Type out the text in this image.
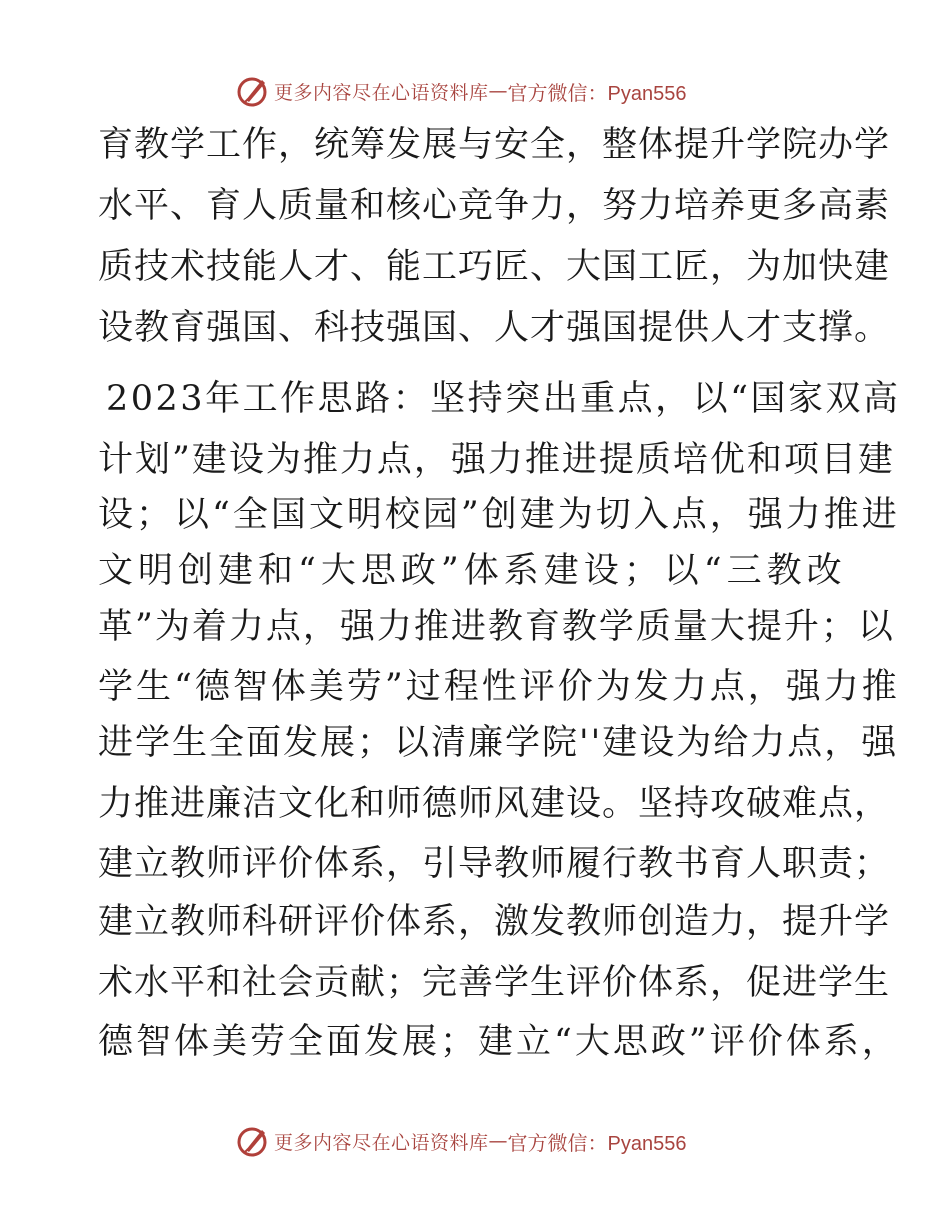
更多内容尽在心语资料库 — 官方微信：Pyan556
育教学工作，统筹发展与安全，整体提升学院办学
水平、育人质量和核心竞争力，努力培养更多高素
质技术技能人才、能工巧匠、大国工匠，为加快建
设教育强国、科技强国、人才强国提供人才支撑。
2023年工作思路：坚持突出重点，以“国家双高
计划”建设为推力点，强力推进提质培优和项目建
设；以“全国文明校园”创建为切入点，强力推进
文明创建和“大思政”体系建设；以“三教改
革”为着力点，强力推进教育教学质量大提升；以
学生“德智体美劳”过程性评价为发力点，强力推
进学生全面发展；以清廉学院''建设为给力点，强
力推进廉洁文化和师德师风建设。坚持攻破难点，
建立教师评价体系，引导教师履行教书育人职责；
建立教师科研评价体系，激发教师创造力，提升学
术水平和社会贡献；完善学生评价体系，促进学生
德智体美劳全面发展；建立“大思政”评价体系，
更多内容尽在心语资料库 — 官方微信：Pyan556
